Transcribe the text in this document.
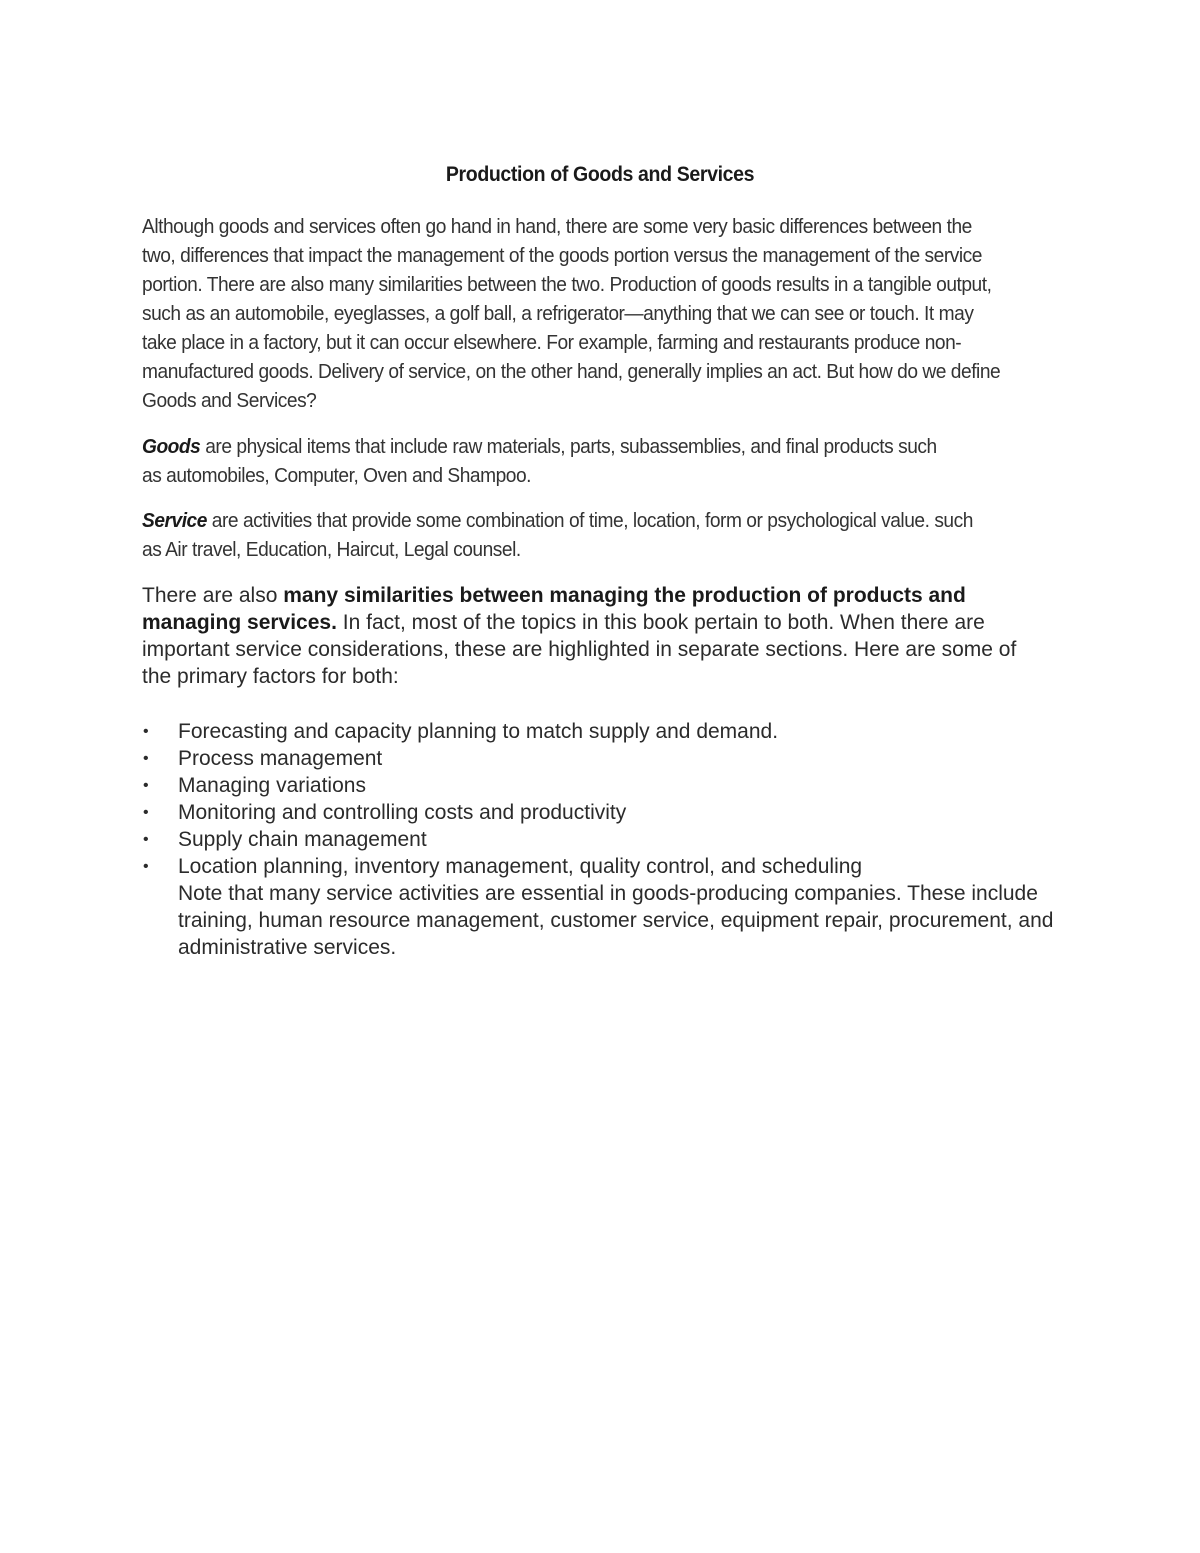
Production of Goods and Services
Although goods and services often go hand in hand, there are some very basic differences between the
two, differences that impact the management of the goods portion versus the management of the service
portion. There are also many similarities between the two. Production of goods results in a tangible output,
such as an automobile, eyeglasses, a golf ball, a refrigerator—anything that we can see or touch. It may
take place in a factory, but it can occur elsewhere. For example, farming and restaurants produce non-
manufactured goods. Delivery of service, on the other hand, generally implies an act. But how do we define
Goods and Services?
Goods are physical items that include raw materials, parts, subassemblies, and final products such
as automobiles, Computer, Oven and Shampoo.
Service are activities that provide some combination of time, location, form or psychological value. such
as Air travel, Education, Haircut, Legal counsel.

There are also many similarities between managing the production of products and managing services. In fact, most of the topics in this book pertain to both. When there are important service considerations, these are highlighted in separate sections. Here are some of the primary factors for both:

• Forecasting and capacity planning to match supply and demand.
• Process management
• Managing variations
• Monitoring and controlling costs and productivity
• Supply chain management
• Location planning, inventory management, quality control, and scheduling
Note that many service activities are essential in goods-producing companies. These include training, human resource management, customer service, equipment repair, procurement, and administrative services.
